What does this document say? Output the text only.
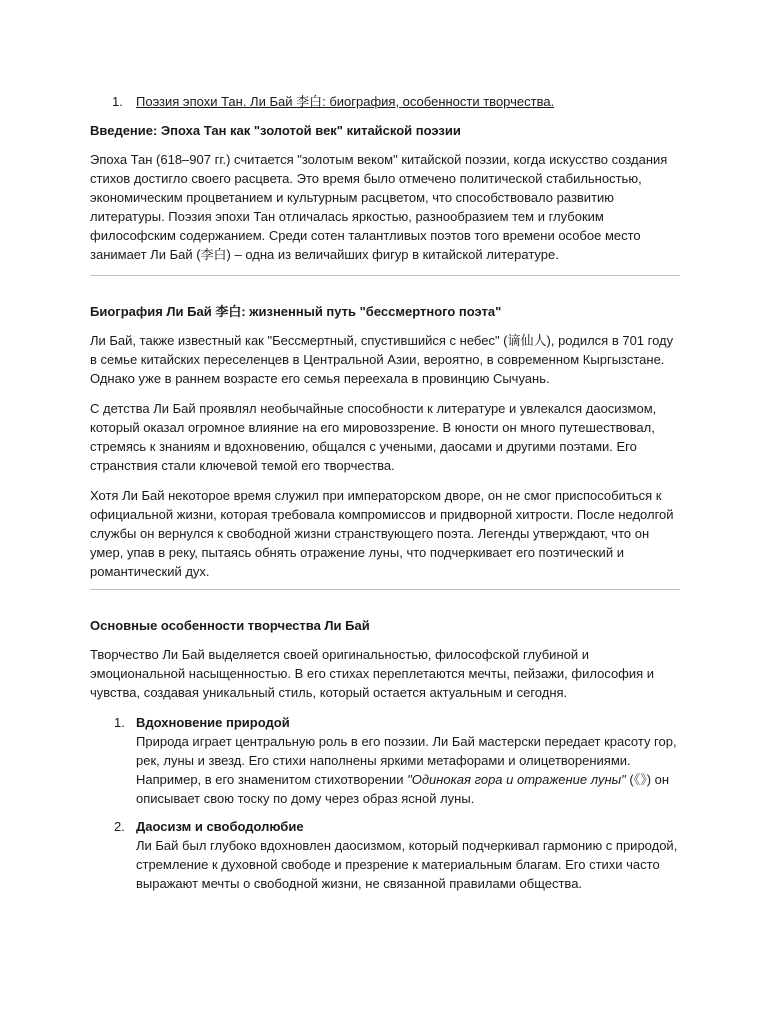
1. Поэзия эпохи Тан. Ли Бай 李白: биография, особенности творчества.
Введение: Эпоха Тан как "золотой век" китайской поэзии

Эпоха Тан (618–907 гг.) считается "золотым веком" китайской поэзии, когда искусство создания стихов достигло своего расцвета. Это время было отмечено политической стабильностью, экономическим процветанием и культурным расцветом, что способствовало развитию литературы. Поэзия эпохи Тан отличалась яркостью, разнообразием тем и глубоким философским содержанием. Среди сотен талантливых поэтов того времени особое место занимает Ли Бай (李白) – одна из величайших фигур в китайской литературе.

Биография Ли Бай 李白: жизненный путь "бессмертного поэта"

Ли Бай, также известный как "Бессмертный, спустившийся с небес" (谪仙人), родился в 701 году в семье китайских переселенцев в Центральной Азии, вероятно, в современном Кыргызстане. Однако уже в раннем возрасте его семья переехала в провинцию Сычуань.

С детства Ли Бай проявлял необычайные способности к литературе и увлекался даосизмом, который оказал огромное влияние на его мировоззрение. В юности он много путешествовал, стремясь к знаниям и вдохновению, общался с учеными, даосами и другими поэтами. Его странствия стали ключевой темой его творчества.

Хотя Ли Бай некоторое время служил при императорском дворе, он не смог приспособиться к официальной жизни, которая требовала компромиссов и придворной хитрости. После недолгой службы он вернулся к свободной жизни странствующего поэта. Легенды утверждают, что он умер, упав в реку, пытаясь обнять отражение луны, что подчеркивает его поэтический и романтический дух.

Основные особенности творчества Ли Бай

Творчество Ли Бай выделяется своей оригинальностью, философской глубиной и эмоциональной насыщенностью. В его стихах переплетаются мечты, пейзажи, философия и чувства, создавая уникальный стиль, который остается актуальным и сегодня.

1. Вдохновение природой
Природа играет центральную роль в его поэзии. Ли Бай мастерски передает красоту гор, рек, луны и звезд. Его стихи наполнены яркими метафорами и олицетворениями. Например, в его знаменитом стихотворении "Одинокая гора и отражение луны" (《》) он описывает свою тоску по дому через образ ясной луны.
2. Даосизм и свободолюбие
Ли Бай был глубоко вдохновлен даосизмом, который подчеркивал гармонию с природой, стремление к духовной свободе и презрение к материальным благам. Его стихи часто выражают мечты о свободной жизни, не связанной правилами общества.
